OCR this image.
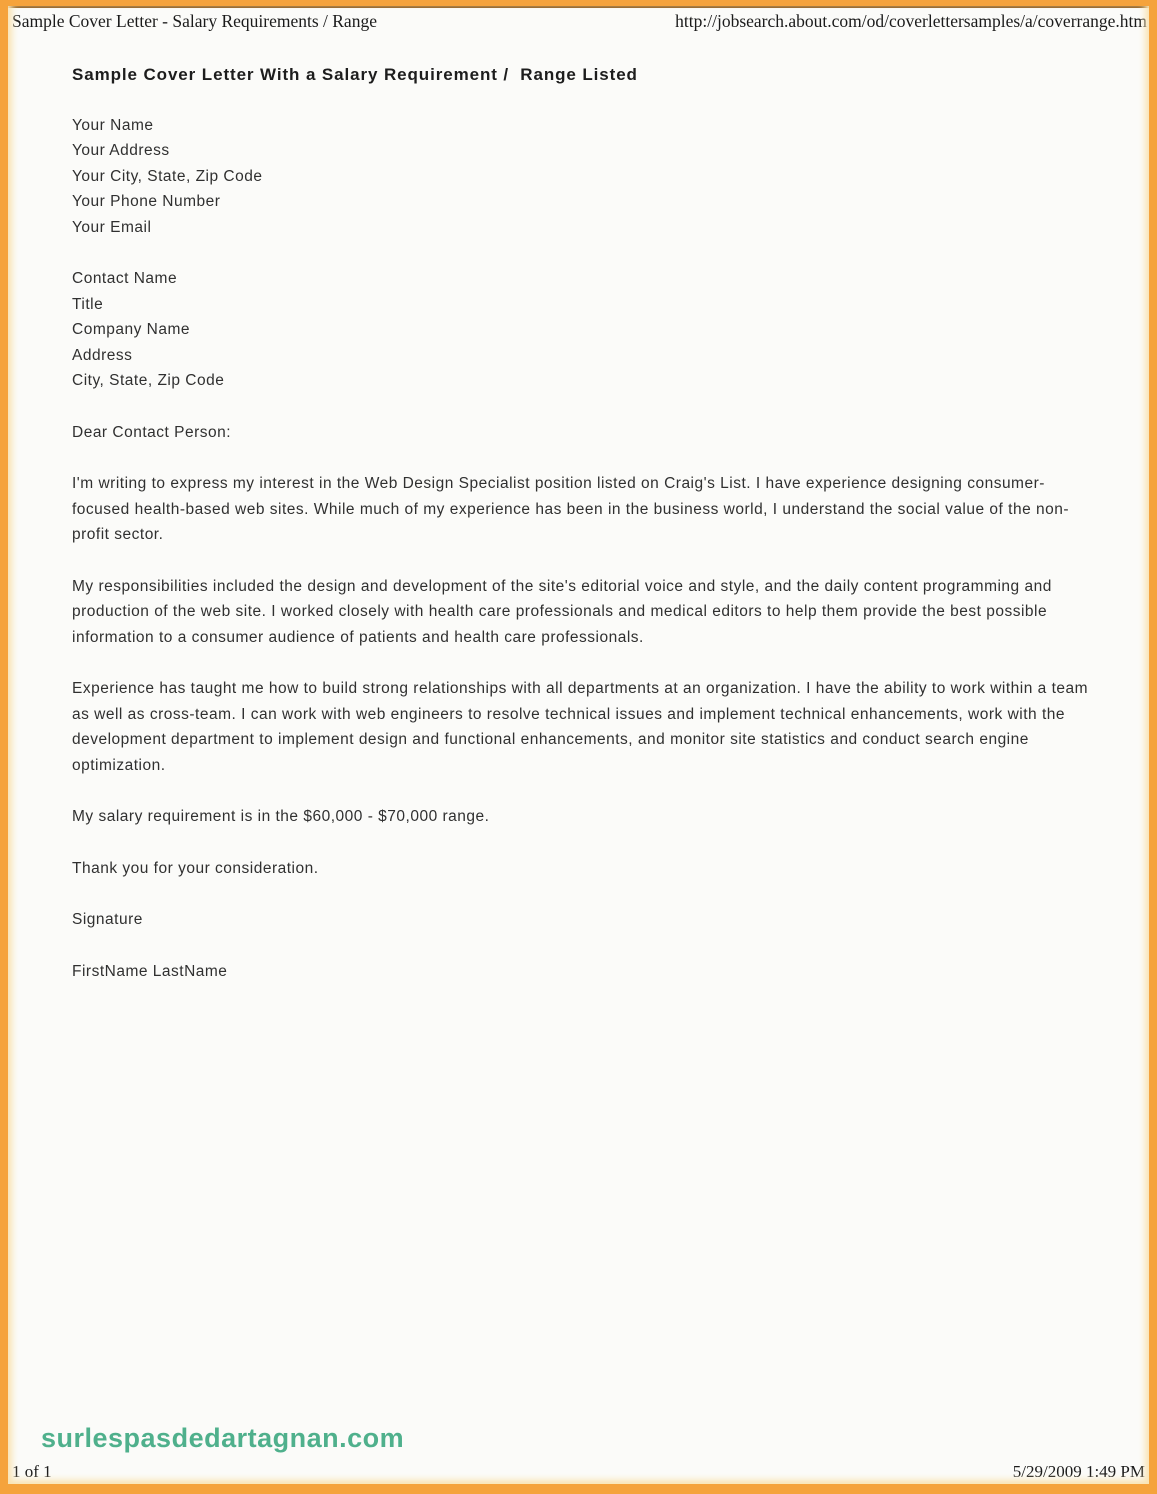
Sample Cover Letter - Salary Requirements / Range	http://jobsearch.about.com/od/coverlettersamples/a/coverrange.htm
Sample Cover Letter With a Salary Requirement /  Range Listed
Your Name
Your Address
Your City, State, Zip Code
Your Phone Number
Your Email
Contact Name
Title
Company Name
Address
City, State, Zip Code

Dear Contact Person:

I'm writing to express my interest in the Web Design Specialist position listed on Craig's List. I have experience designing consumer-focused health-based web sites. While much of my experience has been in the business world, I understand the social value of the non-profit sector.

My responsibilities included the design and development of the site's editorial voice and style, and the daily content programming and production of the web site. I worked closely with health care professionals and medical editors to help them provide the best possible information to a consumer audience of patients and health care professionals.

Experience has taught me how to build strong relationships with all departments at an organization. I have the ability to work within a team as well as cross-team. I can work with web engineers to resolve technical issues and implement technical enhancements, work with the development department to implement design and functional enhancements, and monitor site statistics and conduct search engine optimization.

My salary requirement is in the $60,000 - $70,000 range.

Thank you for your consideration.

Signature

FirstName LastName

surlespasdedartagnan.com
1 of 1	5/29/2009 1:49 PM
